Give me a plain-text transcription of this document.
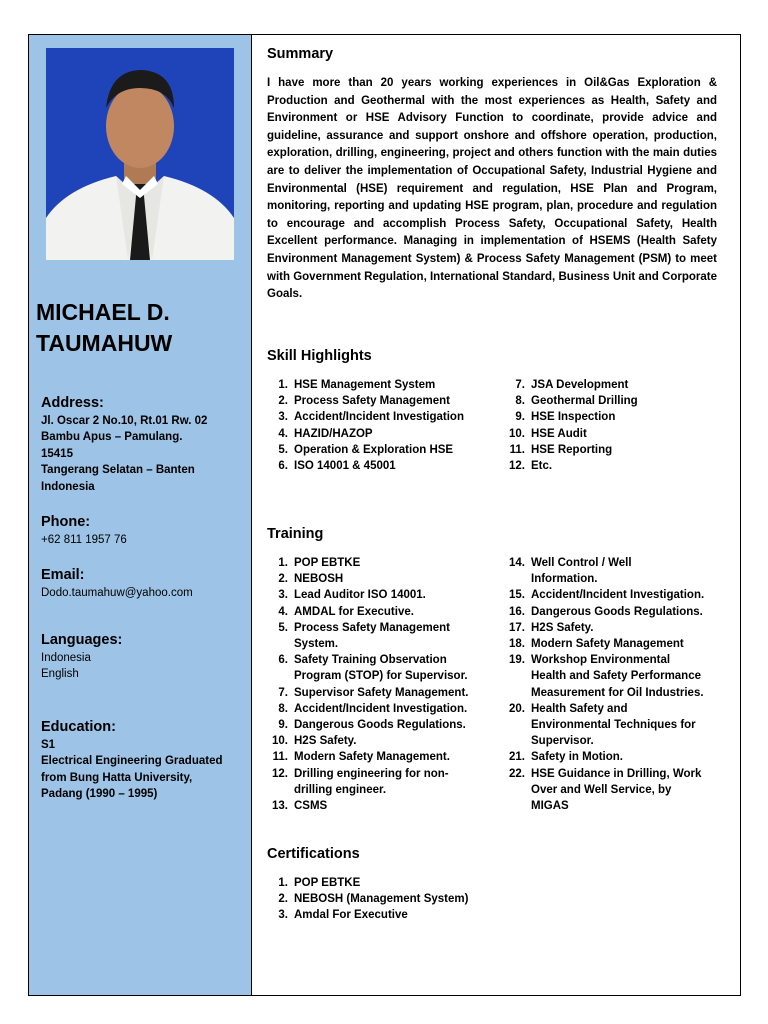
MICHAEL D.
TAUMAHUW
Address:
Jl. Oscar 2 No.10, Rt.01 Rw. 02
Bambu Apus – Pamulang.
15415
Tangerang Selatan – Banten
Indonesia
Phone:
+62 811 1957 76
Email:
Dodo.taumahuw@yahoo.com
Languages:
Indonesia
English
Education:
S1
Electrical Engineering Graduated
from Bung Hatta University,
Padang (1990 – 1995)
Summary
I have more than 20 years working experiences in Oil&Gas Exploration & Production and Geothermal with the most experiences as Health, Safety and Environment or HSE Advisory Function to coordinate, provide advice and guideline, assurance and support onshore and offshore operation, production, exploration, drilling, engineering, project and others function with the main duties are to deliver the implementation of Occupational Safety, Industrial Hygiene and Environmental (HSE) requirement and regulation, HSE Plan and Program, monitoring, reporting and updating HSE program, plan, procedure and regulation to encourage and accomplish Process Safety, Occupational Safety, Health Excellent performance. Managing in implementation of HSEMS (Health Safety Environment Management System) & Process Safety Management (PSM) to meet with Government Regulation, International Standard, Business Unit and Corporate Goals.
Skill Highlights
1. HSE Management System
2. Process Safety Management
3. Accident/Incident Investigation
4. HAZID/HAZOP
5. Operation & Exploration HSE
6. ISO 14001 & 45001
7. JSA Development
8. Geothermal Drilling
9. HSE Inspection
10. HSE Audit
11. HSE Reporting
12. Etc.
Training
1. POP EBTKE
2. NEBOSH
3. Lead Auditor ISO 14001.
4. AMDAL for Executive.
5. Process Safety Management
System.
6. Safety Training Observation
Program (STOP) for Supervisor.
7. Supervisor Safety Management.
8. Accident/Incident Investigation.
9. Dangerous Goods Regulations.
10. H2S Safety.
11. Modern Safety Management.
12. Drilling engineering for non-
drilling engineer.
13. CSMS
14. Well Control / Well
Information.
15. Accident/Incident Investigation.
16. Dangerous Goods Regulations.
17. H2S Safety.
18. Modern Safety Management
19. Workshop Environmental
Health and Safety Performance
Measurement for Oil Industries.
20. Health Safety and
Environmental Techniques for
Supervisor.
21. Safety in Motion.
22. HSE Guidance in Drilling, Work
Over and Well Service, by
MIGAS
Certifications
1. POP EBTKE
2. NEBOSH (Management System)
3. Amdal For Executive
